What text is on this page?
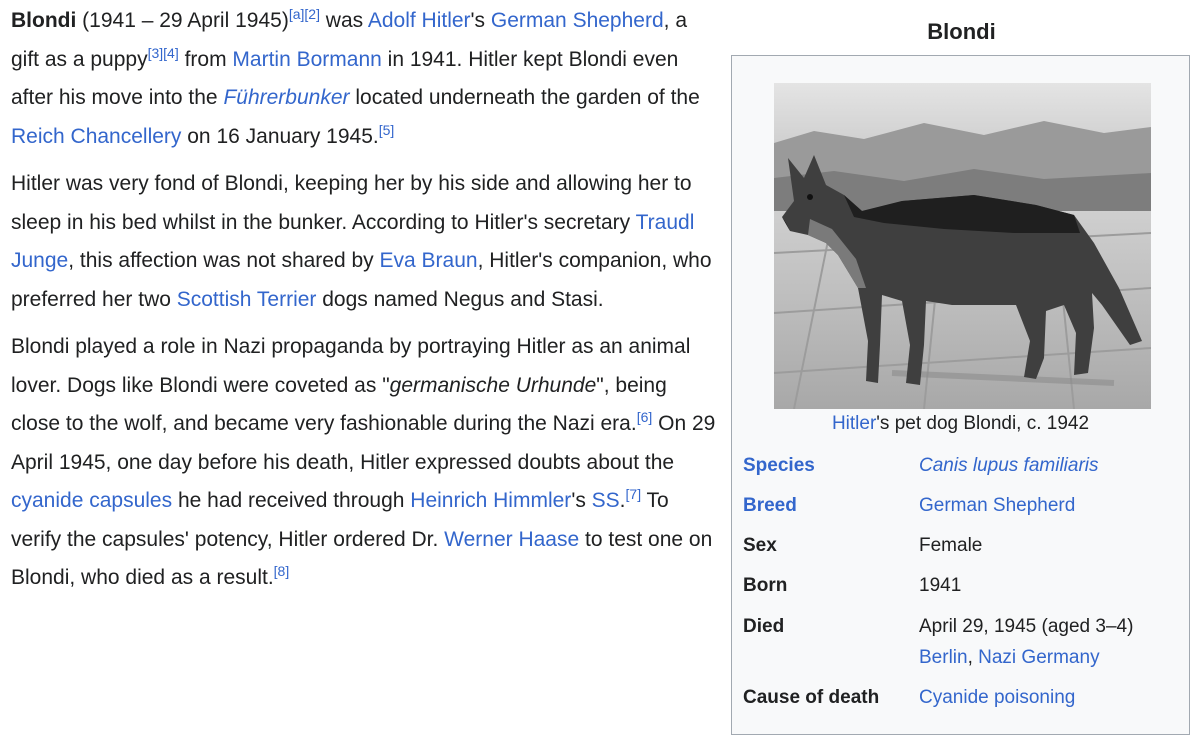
Blondi (1941 – 29 April 1945)[a][2] was Adolf Hitler's German Shepherd, a gift as a puppy[3][4] from Martin Bormann in 1941. Hitler kept Blondi even after his move into the Führerbunker located underneath the garden of the Reich Chancellery on 16 January 1945.[5]

Hitler was very fond of Blondi, keeping her by his side and allowing her to sleep in his bed whilst in the bunker. According to Hitler's secretary Traudl Junge, this affection was not shared by Eva Braun, Hitler's companion, who preferred her two Scottish Terrier dogs named Negus and Stasi.

Blondi played a role in Nazi propaganda by portraying Hitler as an animal lover. Dogs like Blondi were coveted as "germanische Urhunde", being close to the wolf, and became very fashionable during the Nazi era.[6] On 29 April 1945, one day before his death, Hitler expressed doubts about the cyanide capsules he had received through Heinrich Himmler's SS.[7] To verify the capsules' potency, Hitler ordered Dr. Werner Haase to test one on Blondi, who died as a result.[8]

Blondi
Hitler's pet dog Blondi, c. 1942
Species	Canis lupus familiaris
Breed	German Shepherd
Sex	Female
Born	1941
Died	April 29, 1945 (aged 3–4)
Berlin, Nazi Germany
Cause of death	Cyanide poisoning
